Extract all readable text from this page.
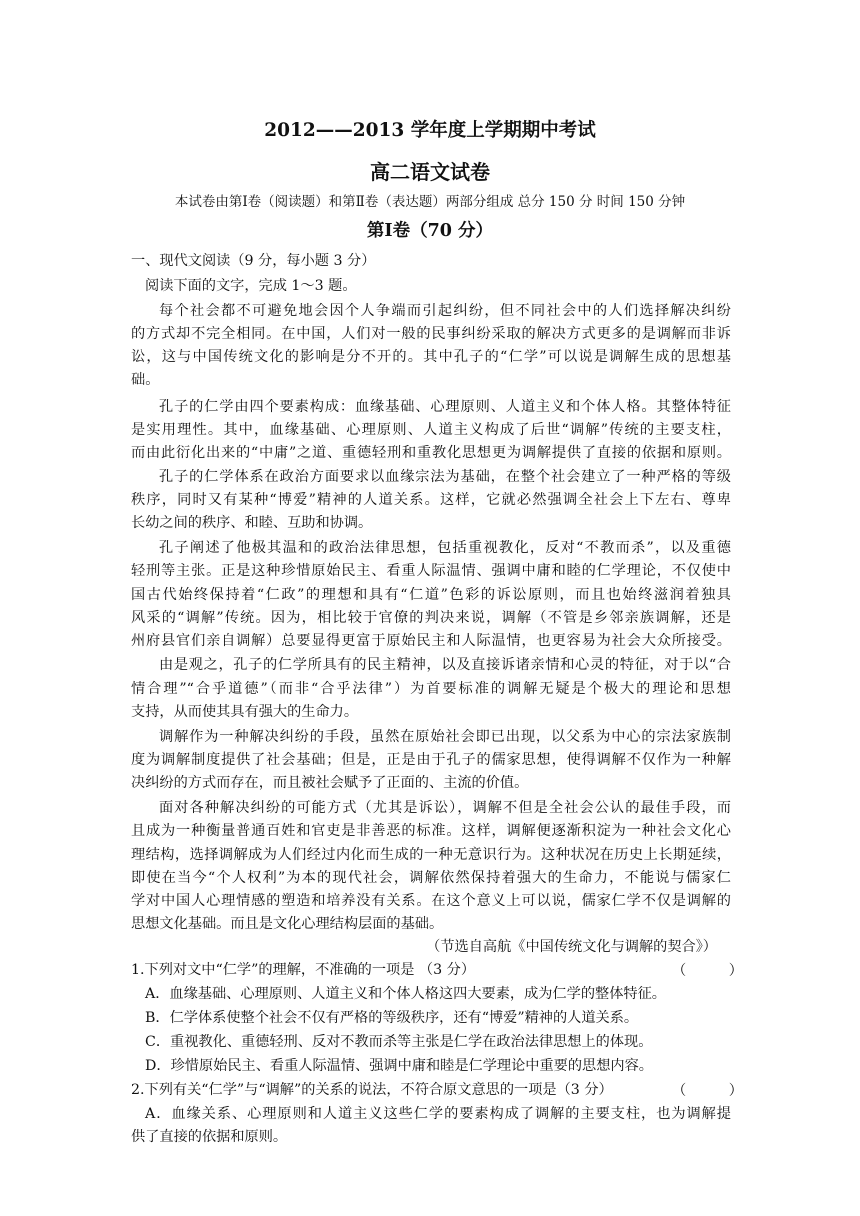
2012——2013 学年度上学期期中考试
高二语文试卷
本试卷由第Ⅰ卷（阅读题）和第Ⅱ卷（表达题）两部分组成 总分 150 分 时间 150 分钟
第Ⅰ卷（70 分）
一、现代文阅读（9 分，每小题 3 分）
阅读下面的文字，完成 1～3 题。
每个社会都不可避免地会因个人争端而引起纠纷，但不同社会中的人们选择解决纠纷
的方式却不完全相同。在中国，人们对一般的民事纠纷采取的解决方式更多的是调解而非诉
讼，这与中国传统文化的影响是分不开的。其中孔子的“仁学”可以说是调解生成的思想基
础。
孔子的仁学由四个要素构成：血缘基础、心理原则、人道主义和个体人格。其整体特征
是实用理性。其中，血缘基础、心理原则、人道主义构成了后世“调解”传统的主要支柱，
而由此衍化出来的“中庸”之道、重德轻刑和重教化思想更为调解提供了直接的依据和原则。
孔子的仁学体系在政治方面要求以血缘宗法为基础，在整个社会建立了一种严格的等级
秩序，同时又有某种“博爱”精神的人道关系。这样，它就必然强调全社会上下左右、尊卑
长幼之间的秩序、和睦、互助和协调。
孔子阐述了他极其温和的政治法律思想，包括重视教化，反对“不教而杀”，以及重德
轻刑等主张。正是这种珍惜原始民主、看重人际温情、强调中庸和睦的仁学理论，不仅使中
国古代始终保持着“仁政”的理想和具有“仁道”色彩的诉讼原则，而且也始终滋润着独具
风采的“调解”传统。因为，相比较于官僚的判决来说，调解（不管是乡邻亲族调解，还是
州府县官们亲自调解）总要显得更富于原始民主和人际温情，也更容易为社会大众所接受。
由是观之，孔子的仁学所具有的民主精神，以及直接诉诸亲情和心灵的特征，对于以“合
情合理”“合乎道德”（而非“合乎法律”）为首要标准的调解无疑是个极大的理论和思想
支持，从而使其具有强大的生命力。
调解作为一种解决纠纷的手段，虽然在原始社会即已出现，以父系为中心的宗法家族制
度为调解制度提供了社会基础；但是，正是由于孔子的儒家思想，使得调解不仅作为一种解
决纠纷的方式而存在，而且被社会赋予了正面的、主流的价值。
面对各种解决纠纷的可能方式（尤其是诉讼），调解不但是全社会公认的最佳手段，而
且成为一种衡量普通百姓和官吏是非善恶的标准。这样，调解便逐渐积淀为一种社会文化心
理结构，选择调解成为人们经过内化而生成的一种无意识行为。这种状况在历史上长期延续，
即使在当今“个人权利”为本的现代社会，调解依然保持着强大的生命力，不能说与儒家仁
学对中国人心理情感的塑造和培养没有关系。在这个意义上可以说，儒家仁学不仅是调解的
思想文化基础。而且是文化心理结构层面的基础。
（节选自高航《中国传统文化与调解的契合》）
1.下列对文中“仁学”的理解，不准确的一项是 （3 分）	（　　　）
A．血缘基础、心理原则、人道主义和个体人格这四大要素，成为仁学的整体特征。
B．仁学体系使整个社会不仅有严格的等级秩序，还有“博爱”精神的人道关系。
C．重视教化、重德轻刑、反对不教而杀等主张是仁学在政治法律思想上的体现。
D．珍惜原始民主、看重人际温情、强调中庸和睦是仁学理论中重要的思想内容。
2.下列有关“仁学”与“调解”的关系的说法，不符合原文意思的一项是（3 分）	（　　　）
A．血缘关系、心理原则和人道主义这些仁学的要素构成了调解的主要支柱，也为调解提
供了直接的依据和原则。
